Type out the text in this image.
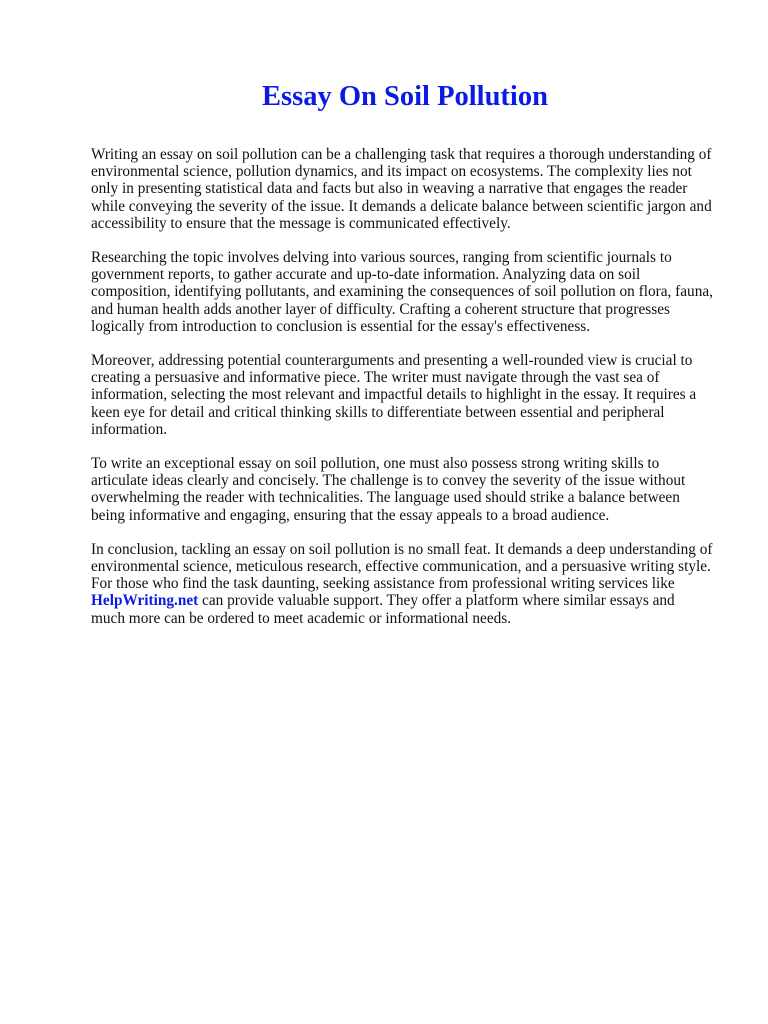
Essay On Soil Pollution

Writing an essay on soil pollution can be a challenging task that requires a thorough understanding of
environmental science, pollution dynamics, and its impact on ecosystems. The complexity lies not
only in presenting statistical data and facts but also in weaving a narrative that engages the reader
while conveying the severity of the issue. It demands a delicate balance between scientific jargon and
accessibility to ensure that the message is communicated effectively.

Researching the topic involves delving into various sources, ranging from scientific journals to
government reports, to gather accurate and up-to-date information. Analyzing data on soil
composition, identifying pollutants, and examining the consequences of soil pollution on flora, fauna,
and human health adds another layer of difficulty. Crafting a coherent structure that progresses
logically from introduction to conclusion is essential for the essay's effectiveness.

Moreover, addressing potential counterarguments and presenting a well-rounded view is crucial to
creating a persuasive and informative piece. The writer must navigate through the vast sea of
information, selecting the most relevant and impactful details to highlight in the essay. It requires a
keen eye for detail and critical thinking skills to differentiate between essential and peripheral
information.

To write an exceptional essay on soil pollution, one must also possess strong writing skills to
articulate ideas clearly and concisely. The challenge is to convey the severity of the issue without
overwhelming the reader with technicalities. The language used should strike a balance between
being informative and engaging, ensuring that the essay appeals to a broad audience.

In conclusion, tackling an essay on soil pollution is no small feat. It demands a deep understanding of
environmental science, meticulous research, effective communication, and a persuasive writing style.
For those who find the task daunting, seeking assistance from professional writing services like
HelpWriting.net can provide valuable support. They offer a platform where similar essays and
much more can be ordered to meet academic or informational needs.
